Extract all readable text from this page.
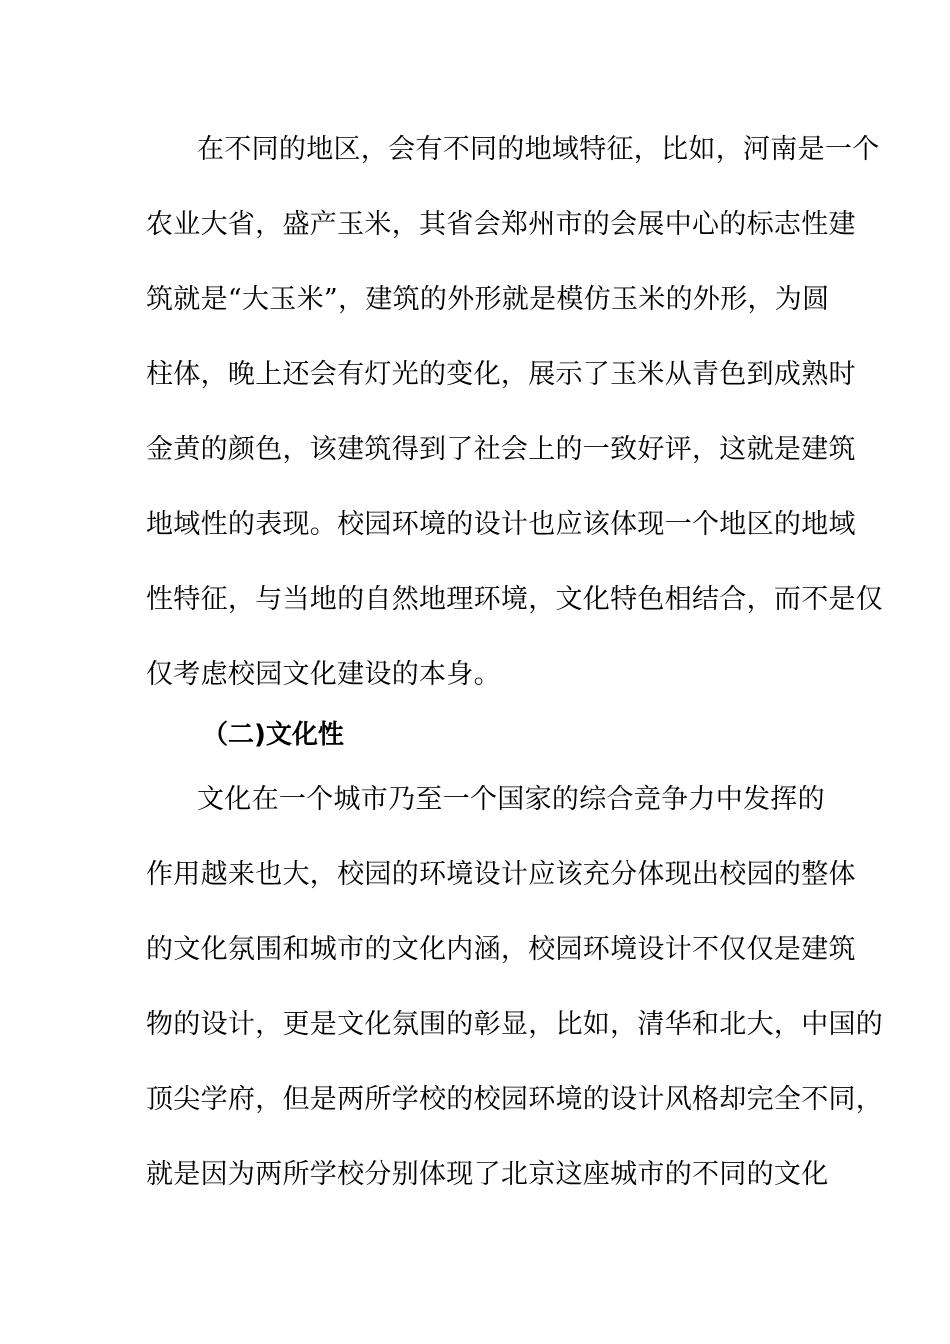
在不同的地区，会有不同的地域特征，比如，河南是一个
农业大省，盛产玉米，其省会郑州市的会展中心的标志性建
筑就是“大玉米”，建筑的外形就是模仿玉米的外形，为圆
柱体，晚上还会有灯光的变化，展示了玉米从青色到成熟时
金黄的颜色，该建筑得到了社会上的一致好评，这就是建筑
地域性的表现。校园环境的设计也应该体现一个地区的地域
性特征，与当地的自然地理环境，文化特色相结合，而不是仅
仅考虑校园文化建设的本身。
（二)文化性
文化在一个城市乃至一个国家的综合竞争力中发挥的
作用越来也大，校园的环境设计应该充分体现出校园的整体
的文化氛围和城市的文化内涵，校园环境设计不仅仅是建筑
物的设计，更是文化氛围的彰显，比如，清华和北大，中国的
顶尖学府，但是两所学校的校园环境的设计风格却完全不同，
就是因为两所学校分别体现了北京这座城市的不同的文化
